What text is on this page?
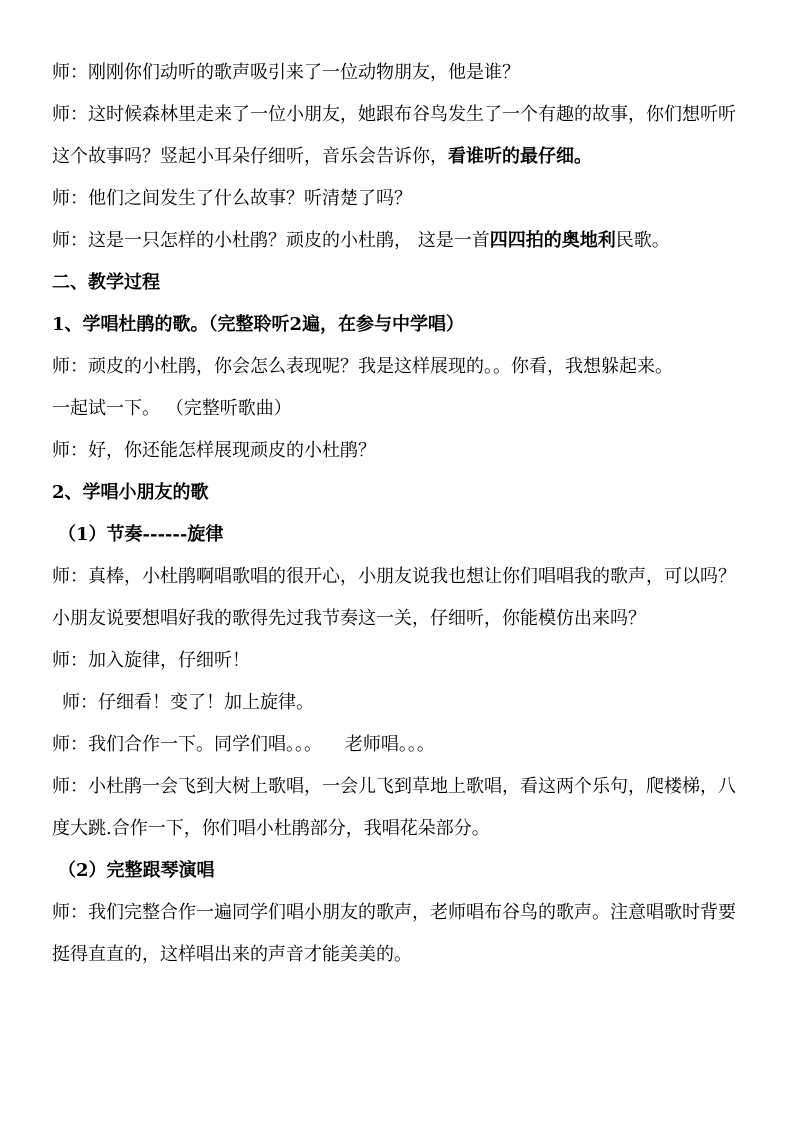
师：刚刚你们动听的歌声吸引来了一位动物朋友，他是谁？

师：这时候森林里走来了一位小朋友，她跟布谷鸟发生了一个有趣的故事，你们想听听这个故事吗？竖起小耳朵仔细听，音乐会告诉你，看谁听的最仔细。

师：他们之间发生了什么故事？听清楚了吗？

师：这是一只怎样的小杜鹃？顽皮的小杜鹃， 这是一首四四拍的奥地利民歌。

二、教学过程

1、学唱杜鹃的歌。（完整聆听2遍，在参与中学唱）

师：顽皮的小杜鹃，你会怎么表现呢？我是这样展现的。。你看，我想躲起来。

一起试一下。 （完整听歌曲）

师：好，你还能怎样展现顽皮的小杜鹃？

2、学唱小朋友的歌

（1）节奏------旋律

师：真棒，小杜鹃啊唱歌唱的很开心，小朋友说我也想让你们唱唱我的歌声，可以吗？小朋友说要想唱好我的歌得先过我节奏这一关，仔细听，你能模仿出来吗？

师：加入旋律，仔细听！

师：仔细看！变了！加上旋律。

师：我们合作一下。同学们唱。。。    老师唱。。。

师：小杜鹃一会飞到大树上歌唱，一会儿飞到草地上歌唱，看这两个乐句，爬楼梯，八度大跳.合作一下，你们唱小杜鹃部分，我唱花朵部分。

（2）完整跟琴演唱

师：我们完整合作一遍同学们唱小朋友的歌声，老师唱布谷鸟的歌声。注意唱歌时背要挺得直直的，这样唱出来的声音才能美美的。
